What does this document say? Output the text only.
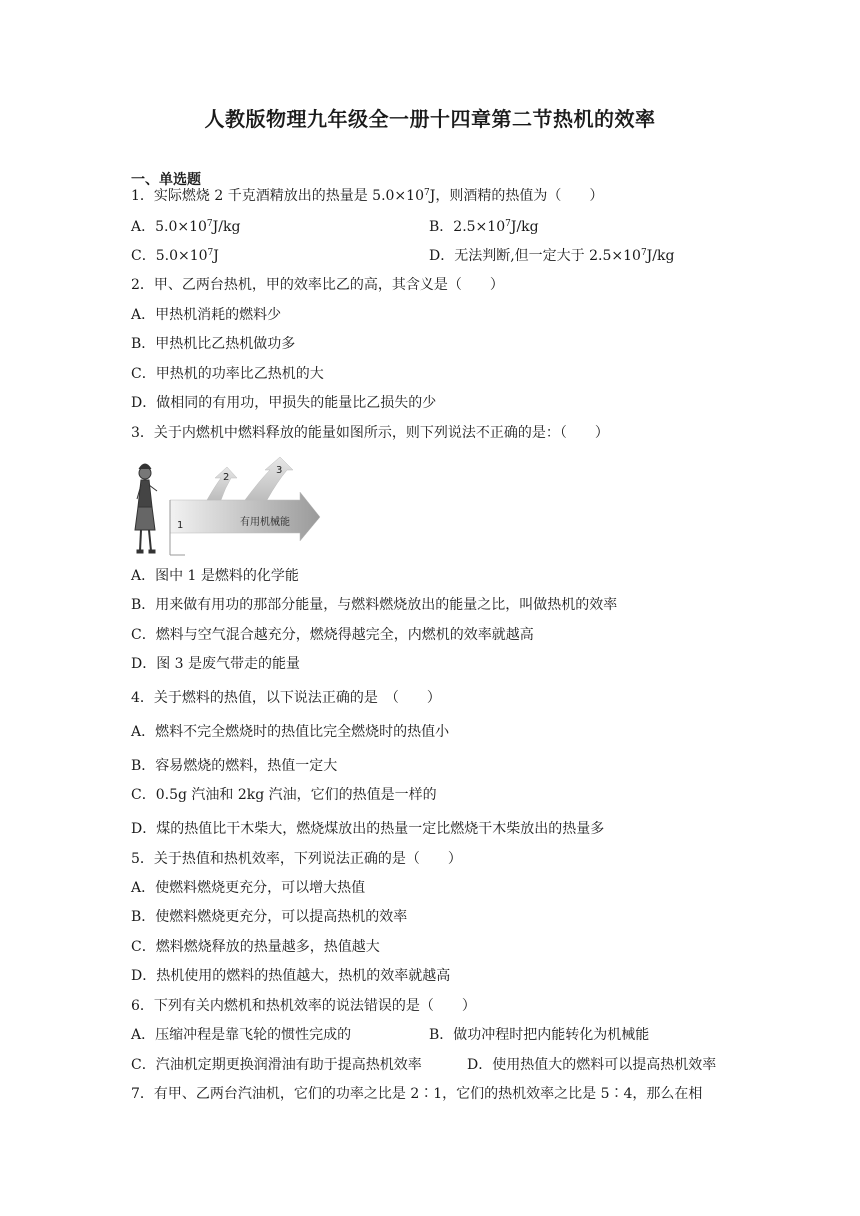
人教版物理九年级全一册十四章第二节热机的效率
一、单选题
1．实际燃烧 2 千克酒精放出的热量是 $5.0\times 10^7J$，则酒精的热值为（　　）
A．$5.0\times 10^7J/kg$	B．$2.5\times 10^7J/kg$
C．$5.0\times 10^7J$	D．无法判断,但一定大于 $2.5\times 10^7J/kg$
2．甲、乙两台热机，甲的效率比乙的高，其含义是（　　）
A．甲热机消耗的燃料少
B．甲热机比乙热机做功多
C．甲热机的功率比乙热机的大
D．做相同的有用功，甲损失的能量比乙损失的少
3．关于内燃机中燃料释放的能量如图所示，则下列说法不正确的是：（　　）
1
2
3
有用机械能
A．图中 1 是燃料的化学能
B．用来做有用功的那部分能量，与燃料燃烧放出的能量之比，叫做热机的效率
C．燃料与空气混合越充分，燃烧得越完全，内燃机的效率就越高
D．图 3 是废气带走的能量
4．关于燃料的热值，以下说法正确的是　（　　）
A．燃料不完全燃烧时的热值比完全燃烧时的热值小
B．容易燃烧的燃料，热值一定大
C．0.5g 汽油和 2kg 汽油，它们的热值是一样的
D．煤的热值比干木柴大，燃烧煤放出的热量一定比燃烧干木柴放出的热量多
5．关于热值和热机效率，下列说法正确的是（　　）
A．使燃料燃烧更充分，可以增大热值
B．使燃料燃烧更充分，可以提高热机的效率
C．燃料燃烧释放的热量越多，热值越大
D．热机使用的燃料的热值越大，热机的效率就越高
6．下列有关内燃机和热机效率的说法错误的是（　　）
A．压缩冲程是靠飞轮的惯性完成的	B．做功冲程时把内能转化为机械能
C．汽油机定期更换润滑油有助于提高热机效率	D．使用热值大的燃料可以提高热机效率
7．有甲、乙两台汽油机，它们的功率之比是 2∶1，它们的热机效率之比是 5∶4，那么在相
